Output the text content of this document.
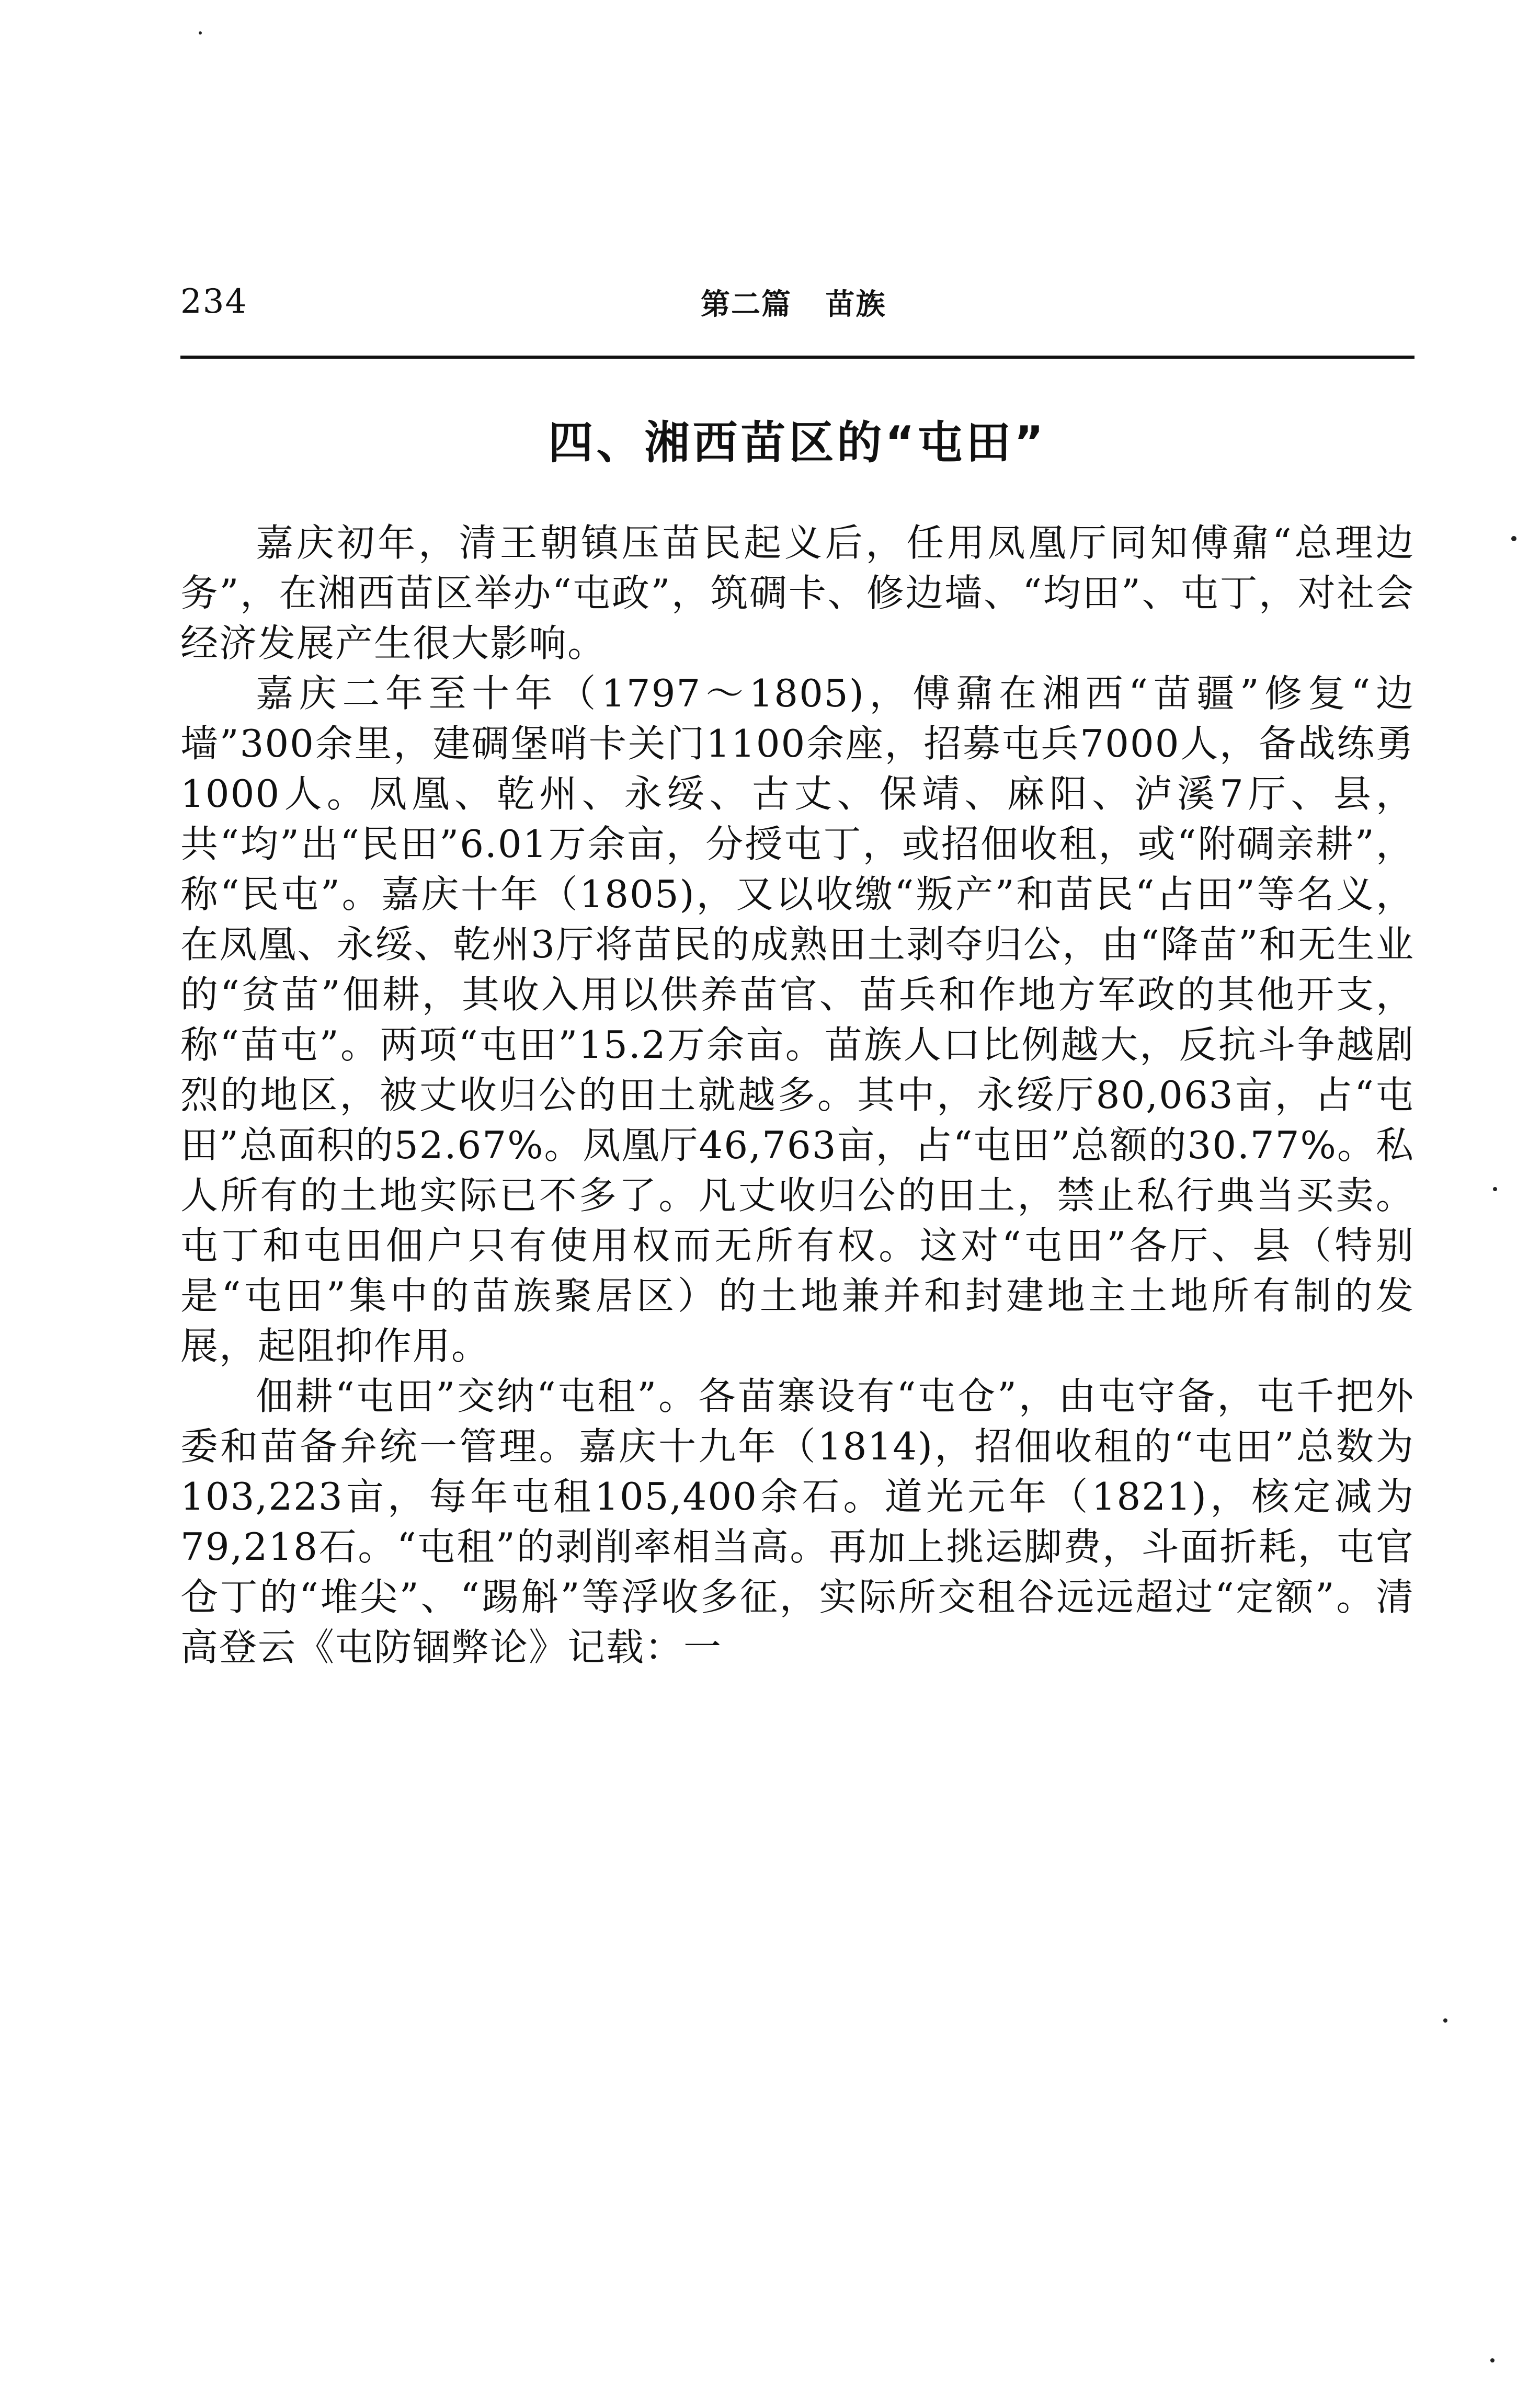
234	第二篇   苗族
四、湘西苗区的“屯田”

嘉庆初年，清王朝镇压苗民起义后，任用凤凰厅同知傅鼐“总理边务”，在湘西苗区举办“屯政”，筑碉卡、修边墙、“均田”、屯丁，对社会经济发展产生很大影响。

嘉庆二年至十年（1797～1805)，傅鼐在湘西“苗疆”修复“边墙”300余里，建碉堡哨卡关门1100余座，招募屯兵7000人，备战练勇1000人。凤凰、乾州、永绥、古丈、保靖、麻阳、泸溪7厅、县，共“均”出“民田”6.01万余亩，分授屯丁，或招佃收租，或“附碉亲耕”，称“民屯”。嘉庆十年（1805)，又以收缴“叛产”和苗民“占田”等名义，在凤凰、永绥、乾州3厅将苗民的成熟田土剥夺归公，由“降苗”和无生业的“贫苗”佃耕，其收入用以供养苗官、苗兵和作地方军政的其他开支，称“苗屯”。两项“屯田”15.2万余亩。苗族人口比例越大，反抗斗争越剧烈的地区，被丈收归公的田土就越多。其中，永绥厅80,063亩，占“屯田”总面积的52.67%。凤凰厅46,763亩，占“屯田”总额的30.77%。私人所有的土地实际已不多了。凡丈收归公的田土，禁止私行典当买卖。屯丁和屯田佃户只有使用权而无所有权。这对“屯田”各厅、县（特别是“屯田”集中的苗族聚居区）的土地兼并和封建地主土地所有制的发展，起阻抑作用。

佃耕“屯田”交纳“屯租”。各苗寨设有“屯仓”，由屯守备，屯千把外委和苗备弁统一管理。嘉庆十九年（1814)，招佃收租的“屯田”总数为103,223亩，每年屯租105,400余石。道光元年（1821)，核定减为79,218石。“屯租”的剥削率相当高。再加上挑运脚费，斗面折耗，屯官仓丁的“堆尖”、“踢斛”等浮收多征，实际所交租谷远远超过“定额”。清高登云《屯防锢弊论》记载：一
